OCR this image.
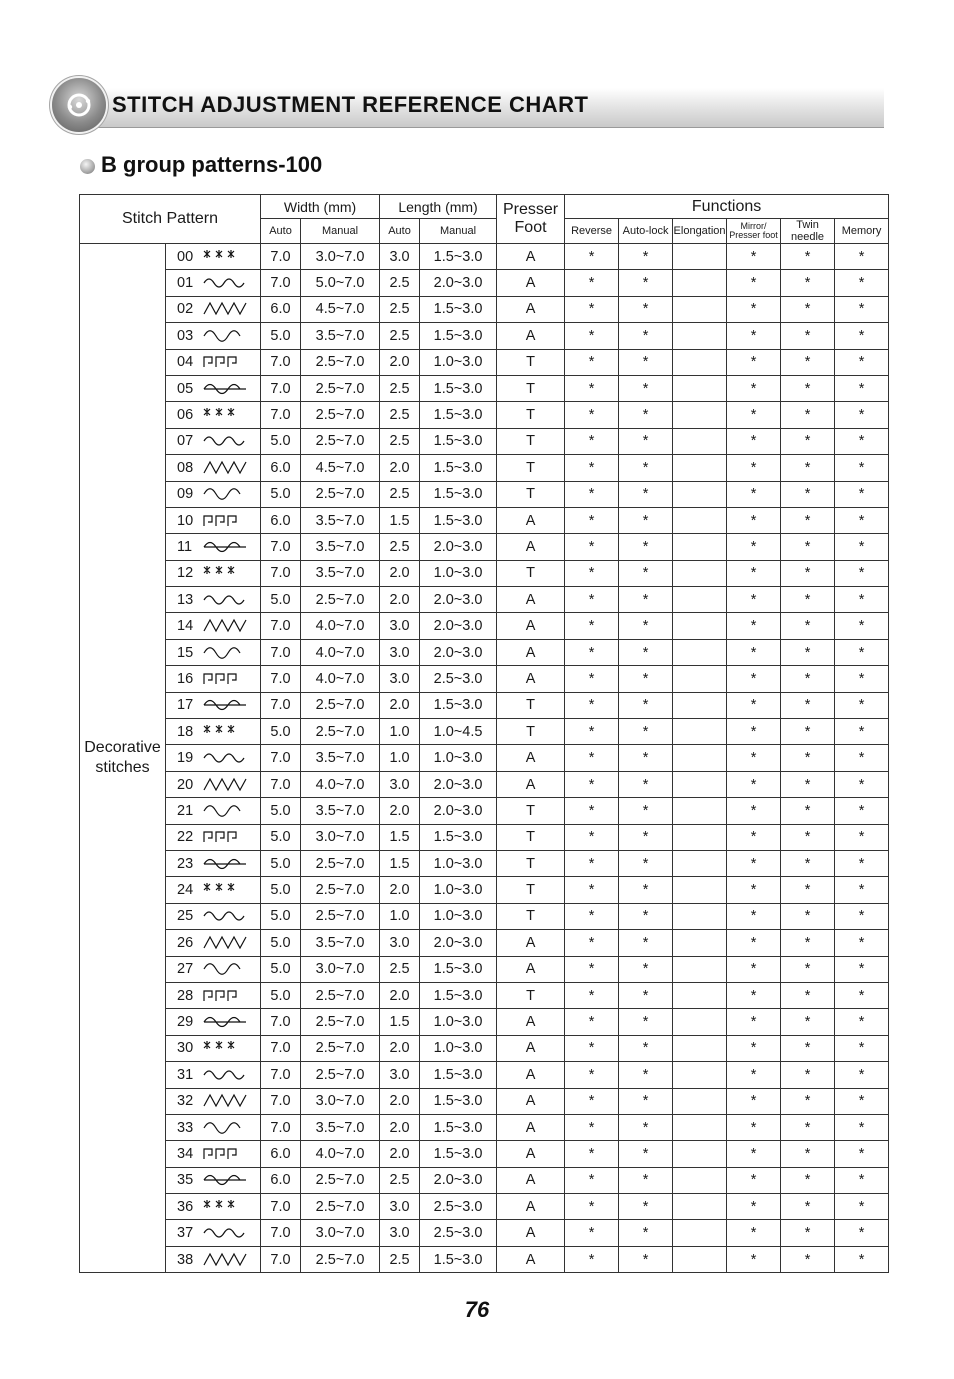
STITCH ADJUSTMENT REFERENCE CHART
B group patterns-100
Stitch Pattern		Width (mm)		Length (mm)		Presser
Foot	Functions					
		Auto	Manual	Auto	Manual		Reverse	Auto-lock	Elongation	Mirror/
Presser foot	Twin needle	Memory
Decorative
stitches	00	7.0	3.0~7.0	3.0	1.5~3.0	A	*	*		*	*	*
	01	7.0	5.0~7.0	2.5	2.0~3.0	A	*	*		*	*	*
	02	6.0	4.5~7.0	2.5	1.5~3.0	A	*	*		*	*	*
	03	5.0	3.5~7.0	2.5	1.5~3.0	A	*	*		*	*	*
	04	7.0	2.5~7.0	2.0	1.0~3.0	T	*	*		*	*	*
	05	7.0	2.5~7.0	2.5	1.5~3.0	T	*	*		*	*	*
	06	7.0	2.5~7.0	2.5	1.5~3.0	T	*	*		*	*	*
	07	5.0	2.5~7.0	2.5	1.5~3.0	T	*	*		*	*	*
	08	6.0	4.5~7.0	2.0	1.5~3.0	T	*	*		*	*	*
	09	5.0	2.5~7.0	2.5	1.5~3.0	T	*	*		*	*	*
	10	6.0	3.5~7.0	1.5	1.5~3.0	A	*	*		*	*	*
	11	7.0	3.5~7.0	2.5	2.0~3.0	A	*	*		*	*	*
	12	7.0	3.5~7.0	2.0	1.0~3.0	T	*	*		*	*	*
	13	5.0	2.5~7.0	2.0	2.0~3.0	A	*	*		*	*	*
	14	7.0	4.0~7.0	3.0	2.0~3.0	A	*	*		*	*	*
	15	7.0	4.0~7.0	3.0	2.0~3.0	A	*	*		*	*	*
	16	7.0	4.0~7.0	3.0	2.5~3.0	A	*	*		*	*	*
	17	7.0	2.5~7.0	2.0	1.5~3.0	T	*	*		*	*	*
	18	5.0	2.5~7.0	1.0	1.0~4.5	T	*	*		*	*	*
	19	7.0	3.5~7.0	1.0	1.0~3.0	A	*	*		*	*	*
	20	7.0	4.0~7.0	3.0	2.0~3.0	A	*	*		*	*	*
	21	5.0	3.5~7.0	2.0	2.0~3.0	T	*	*		*	*	*
	22	5.0	3.0~7.0	1.5	1.5~3.0	T	*	*		*	*	*
	23	5.0	2.5~7.0	1.5	1.0~3.0	T	*	*		*	*	*
	24	5.0	2.5~7.0	2.0	1.0~3.0	T	*	*		*	*	*
	25	5.0	2.5~7.0	1.0	1.0~3.0	T	*	*		*	*	*
	26	5.0	3.5~7.0	3.0	2.0~3.0	A	*	*		*	*	*
	27	5.0	3.0~7.0	2.5	1.5~3.0	A	*	*		*	*	*
	28	5.0	2.5~7.0	2.0	1.5~3.0	T	*	*		*	*	*
	29	7.0	2.5~7.0	1.5	1.0~3.0	A	*	*		*	*	*
	30	7.0	2.5~7.0	2.0	1.0~3.0	A	*	*		*	*	*
	31	7.0	2.5~7.0	3.0	1.5~3.0	A	*	*		*	*	*
	32	7.0	3.0~7.0	2.0	1.5~3.0	A	*	*		*	*	*
	33	7.0	3.5~7.0	2.0	1.5~3.0	A	*	*		*	*	*
	34	6.0	4.0~7.0	2.0	1.5~3.0	A	*	*		*	*	*
	35	6.0	2.5~7.0	2.5	2.0~3.0	A	*	*		*	*	*
	36	7.0	2.5~7.0	3.0	2.5~3.0	A	*	*		*	*	*
	37	7.0	3.0~7.0	3.0	2.5~3.0	A	*	*		*	*	*
	38	7.0	2.5~7.0	2.5	1.5~3.0	A	*	*		*	*	*
76
